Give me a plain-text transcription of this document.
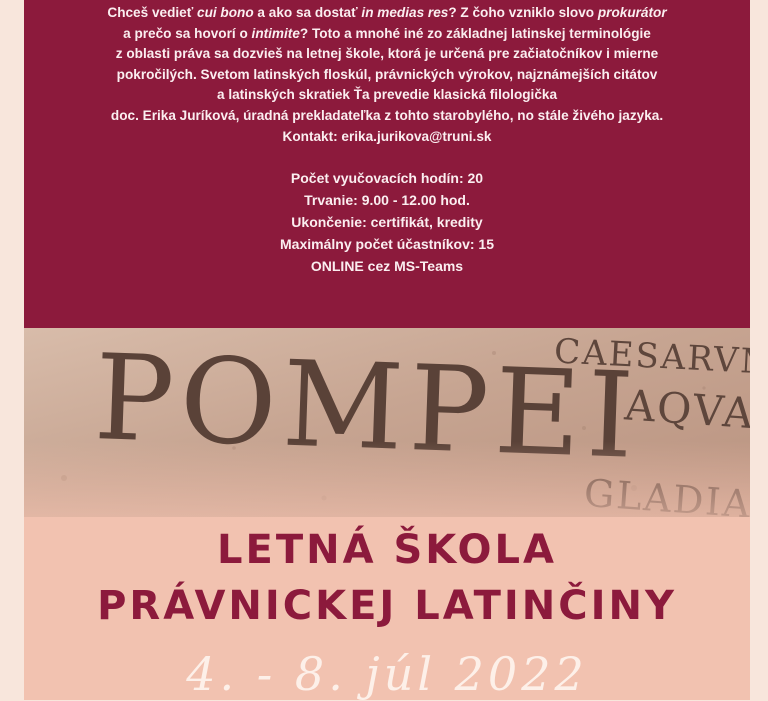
Chceš vedieť cui bono a ako sa dostať in medias res? Z čoho vzniklo slovo prokurátor
a prečo sa hovorí o intimite? Toto a mnohé iné zo základnej latinskej terminológie
z oblasti práva sa dozvieš na letnej škole, ktorá je určená pre začiatočníkov i mierne
pokročilých. Svetom latinských floskúl, právnických výrokov, najznámejších citátov
a latinských skratiek Ťa prevedie klasická filologička
doc. Erika Juríková, úradná prekladateľka z tohto starobylého, no stále živého jazyka.
Kontakt: erika.jurikova@truni.sk
Počet vyučovacích hodín: 20
Trvanie: 9.00 - 12.00 hod.
Ukončenie: certifikát, kredity
Maximálny počet účastníkov: 15
ONLINE cez MS-Teams
LETNÁ ŠKOLA
PRÁVNICKEJ LATINČINY
4. - 8. júl 2022
